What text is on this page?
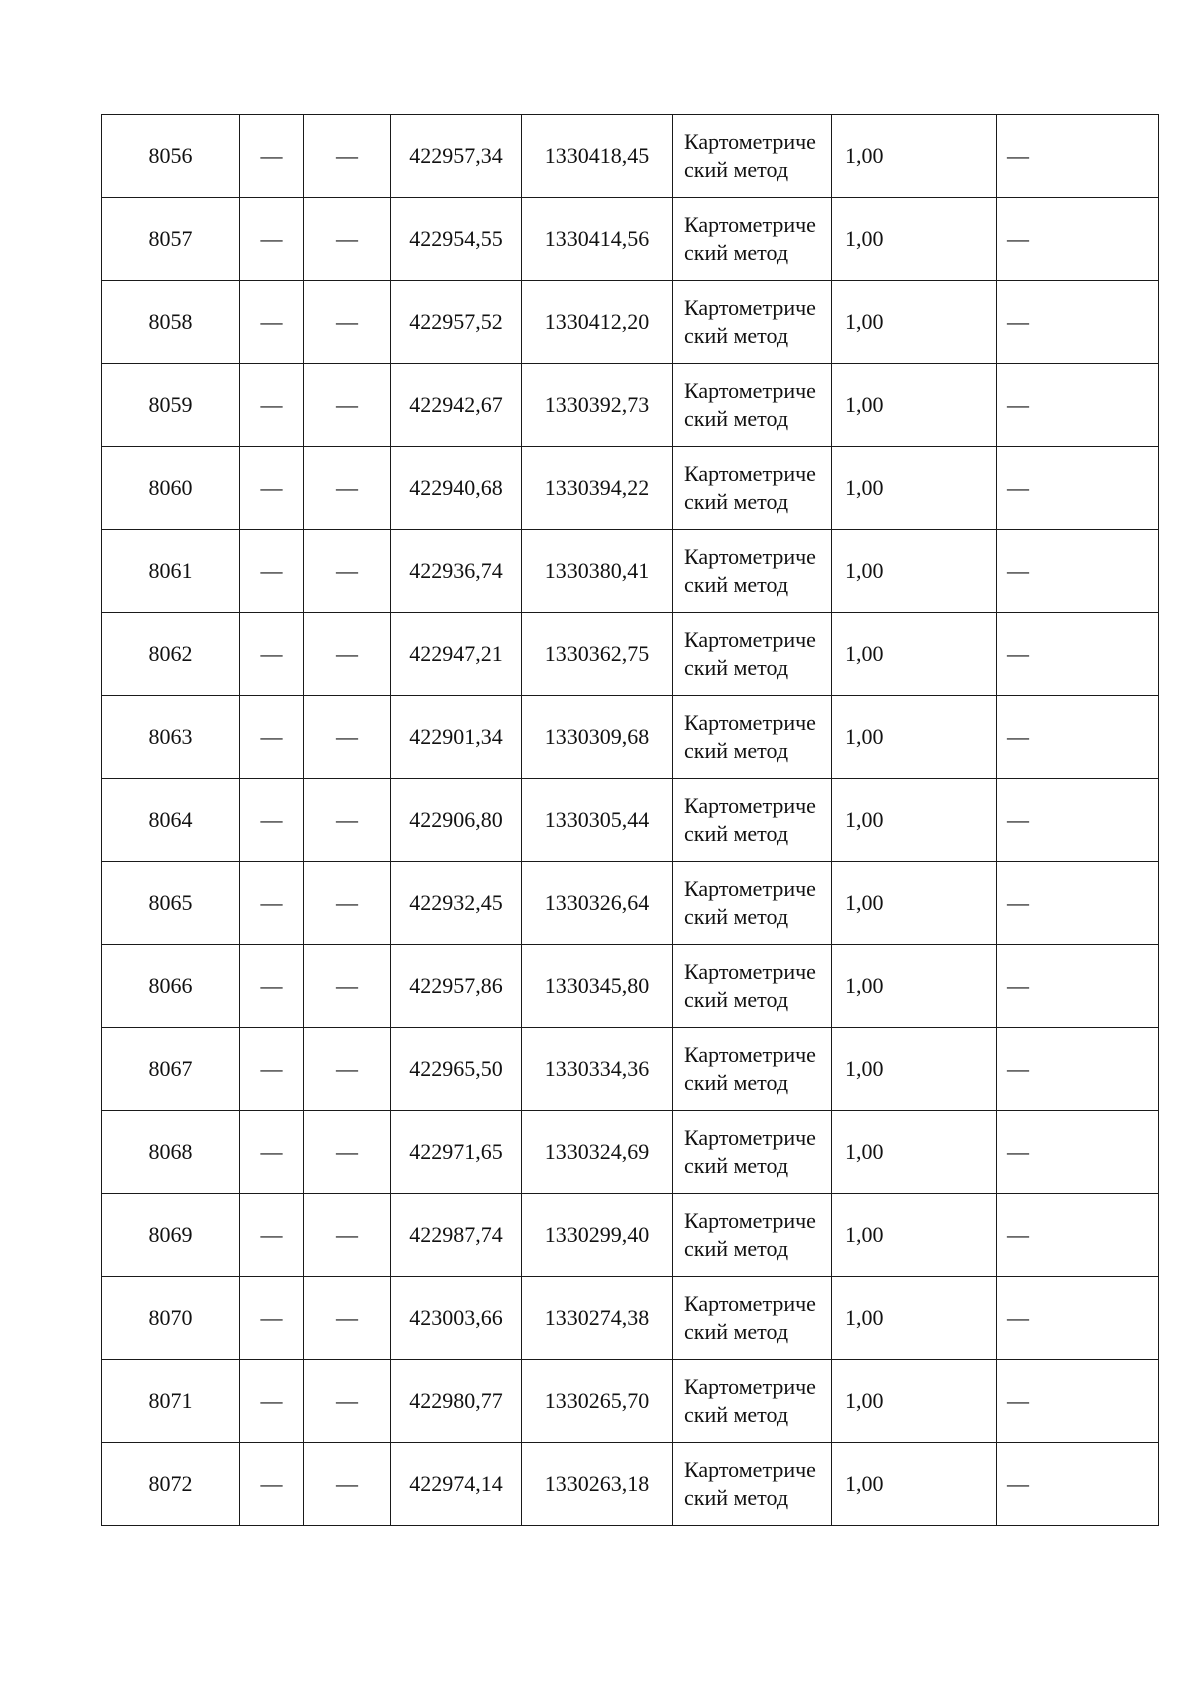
8056	—	—	422957,34	1330418,45	Картометрический метод	1,00	—
8057	—	—	422954,55	1330414,56	Картометрический метод	1,00	—
8058	—	—	422957,52	1330412,20	Картометрический метод	1,00	—
8059	—	—	422942,67	1330392,73	Картометрический метод	1,00	—
8060	—	—	422940,68	1330394,22	Картометрический метод	1,00	—
8061	—	—	422936,74	1330380,41	Картометрический метод	1,00	—
8062	—	—	422947,21	1330362,75	Картометрический метод	1,00	—
8063	—	—	422901,34	1330309,68	Картометрический метод	1,00	—
8064	—	—	422906,80	1330305,44	Картометрический метод	1,00	—
8065	—	—	422932,45	1330326,64	Картометрический метод	1,00	—
8066	—	—	422957,86	1330345,80	Картометрический метод	1,00	—
8067	—	—	422965,50	1330334,36	Картометрический метод	1,00	—
8068	—	—	422971,65	1330324,69	Картометрический метод	1,00	—
8069	—	—	422987,74	1330299,40	Картометрический метод	1,00	—
8070	—	—	423003,66	1330274,38	Картометрический метод	1,00	—
8071	—	—	422980,77	1330265,70	Картометрический метод	1,00	—
8072	—	—	422974,14	1330263,18	Картометрический метод	1,00	—
